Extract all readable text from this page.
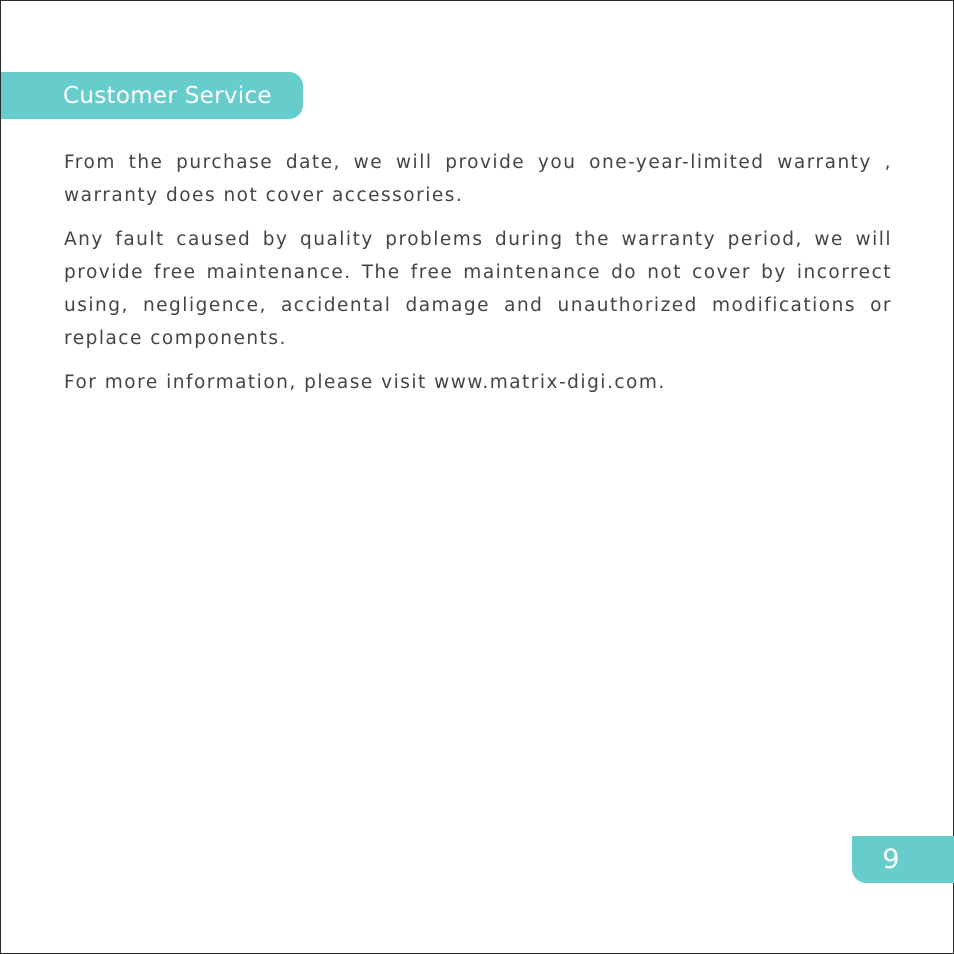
Customer Service

From the purchase date, we will provide you one-year-limited warranty , warranty does not cover accessories.

Any fault caused by quality problems during the warranty period, we will provide free maintenance. The free maintenance do not cover by incorrect using, negligence, accidental damage and unauthorized modifications or replace components.

For more information, please visit www.matrix-digi.com.

9
